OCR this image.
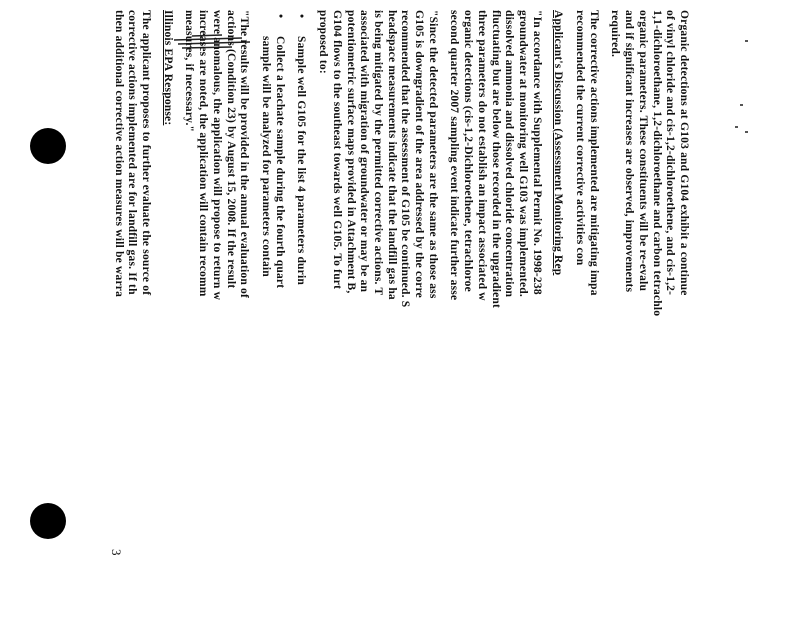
Organic detections at G103 and G104 exhibit a continue
of vinyl chloride and cis-1,2-dichloroethene, and cis-1,2-
1,1-dichloroethane, 1,2-dichloroethane and carbon tetrachlo
organic parameters. These constituents will be re-evalu
and if significant increases are observed, improvements
required.

The corrective actions implemented are mitigating impa
recommended the current corrective activities con

Applicant's Discussion (Assessment Monitoring Rep

"In accordance with Supplemental Permit No. 1998-238
groundwater at monitoring well G103 was implemented.
dissolved ammonia and dissolved chloride concentration
fluctuating but are below those recorded in the upgradient
three parameters do not establish an impact associated w
organic detections (cis-1,2-Dichloroethene, tetrachloroe
second quarter 2007 sampling event indicate further asse

"Since the detected parameters are the same as those ass
G105 is downgradient of the area addressed by the corre
recommended that the assessment of G105 be continued. S
headspace measurements indicate that the landfill gas ha
is being mitigated by the permitted corrective actions. T
associated with migration of groundwater or may be an
potentiometric surface maps provided in Attachment B,
G104 flows to the southeast towards well G105. To furt
proposed to:

•
Sample well G105 for the list 4 parameters durin
•
Collect a leachate sample during the fourth quart
sample will be analyzed for parameters contain

"The results will be provided in the annual evaluation of
actions (Condition 23) by August 15, 2008. If the result
were anomalous, the application will propose to return w
increases are noted, the application will contain recomm
measures, if necessary."

Illinois EPA Response:

The applicant proposes to further evaluate the source of
corrective actions implemented are for landfill gas. If th
then additional corrective action measures will be warra

3
